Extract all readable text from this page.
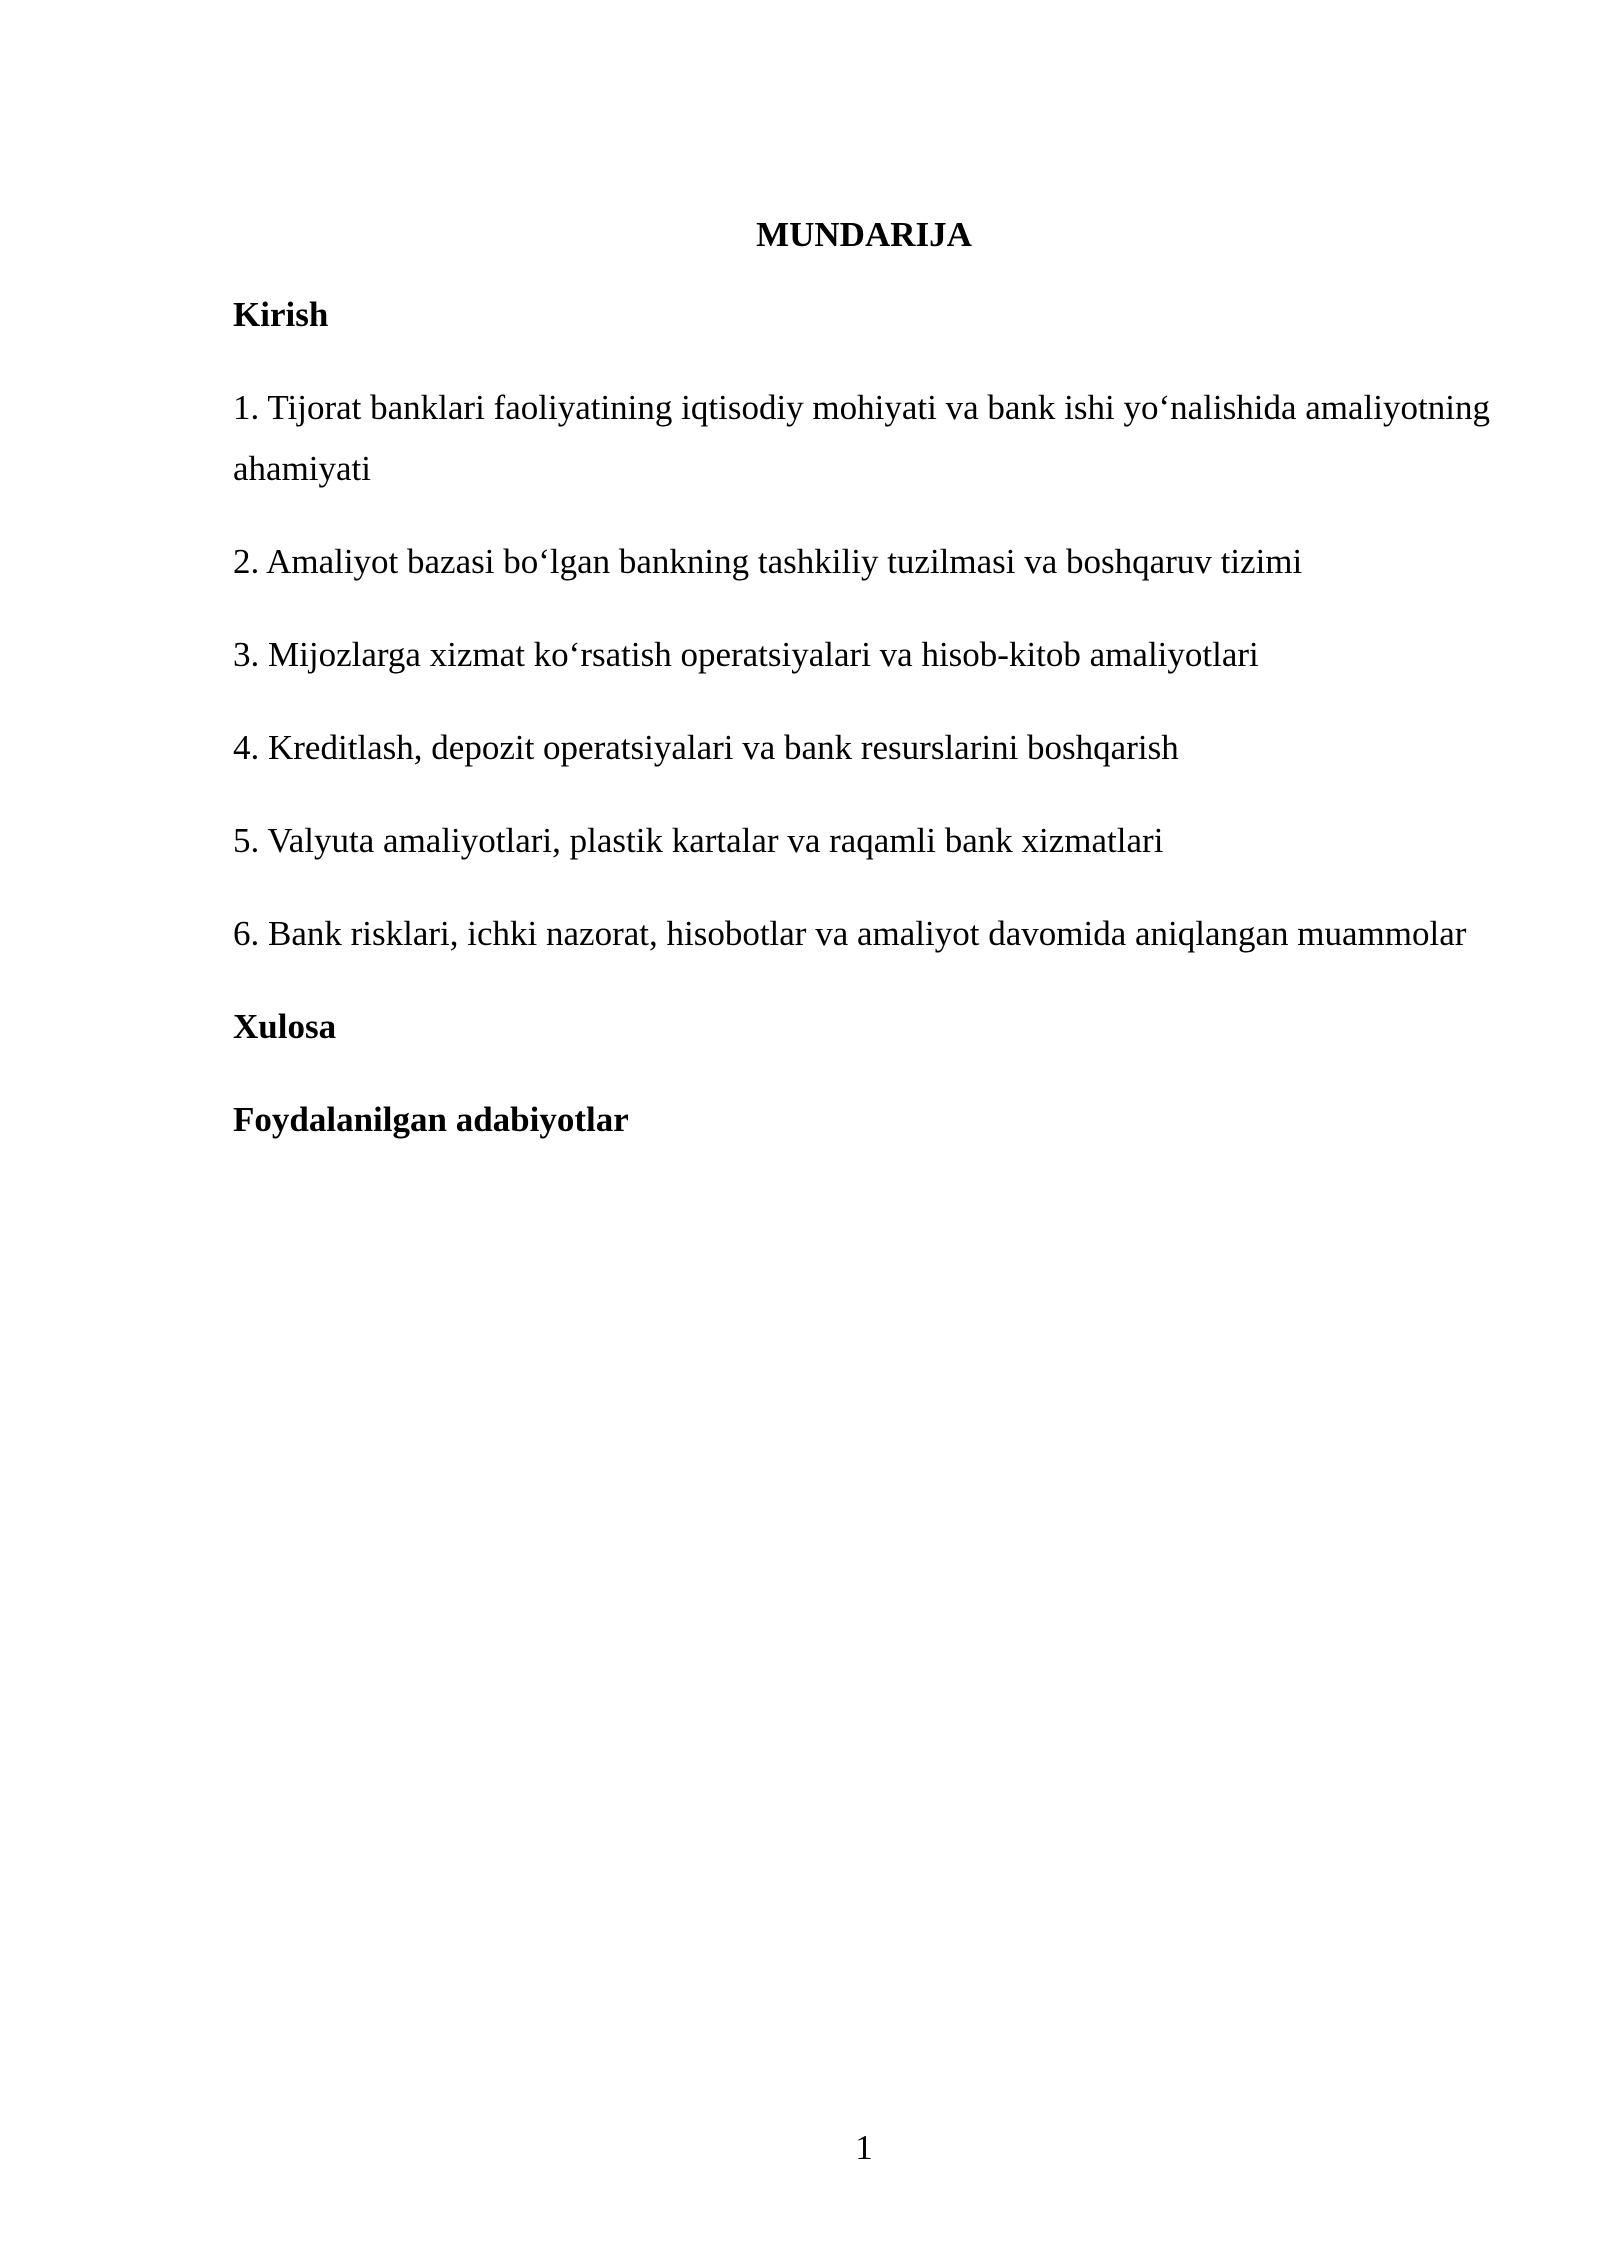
MUNDARIJA

Kirish

1. Tijorat banklari faoliyatining iqtisodiy mohiyati va bank ishi yo‘nalishida amaliyotning ahamiyati

2. Amaliyot bazasi bo‘lgan bankning tashkiliy tuzilmasi va boshqaruv tizimi

3. Mijozlarga xizmat ko‘rsatish operatsiyalari va hisob-kitob amaliyotlari

4. Kreditlash, depozit operatsiyalari va bank resurslarini boshqarish

5. Valyuta amaliyotlari, plastik kartalar va raqamli bank xizmatlari

6. Bank risklari, ichki nazorat, hisobotlar va amaliyot davomida aniqlangan muammolar

Xulosa

Foydalanilgan adabiyotlar

1
